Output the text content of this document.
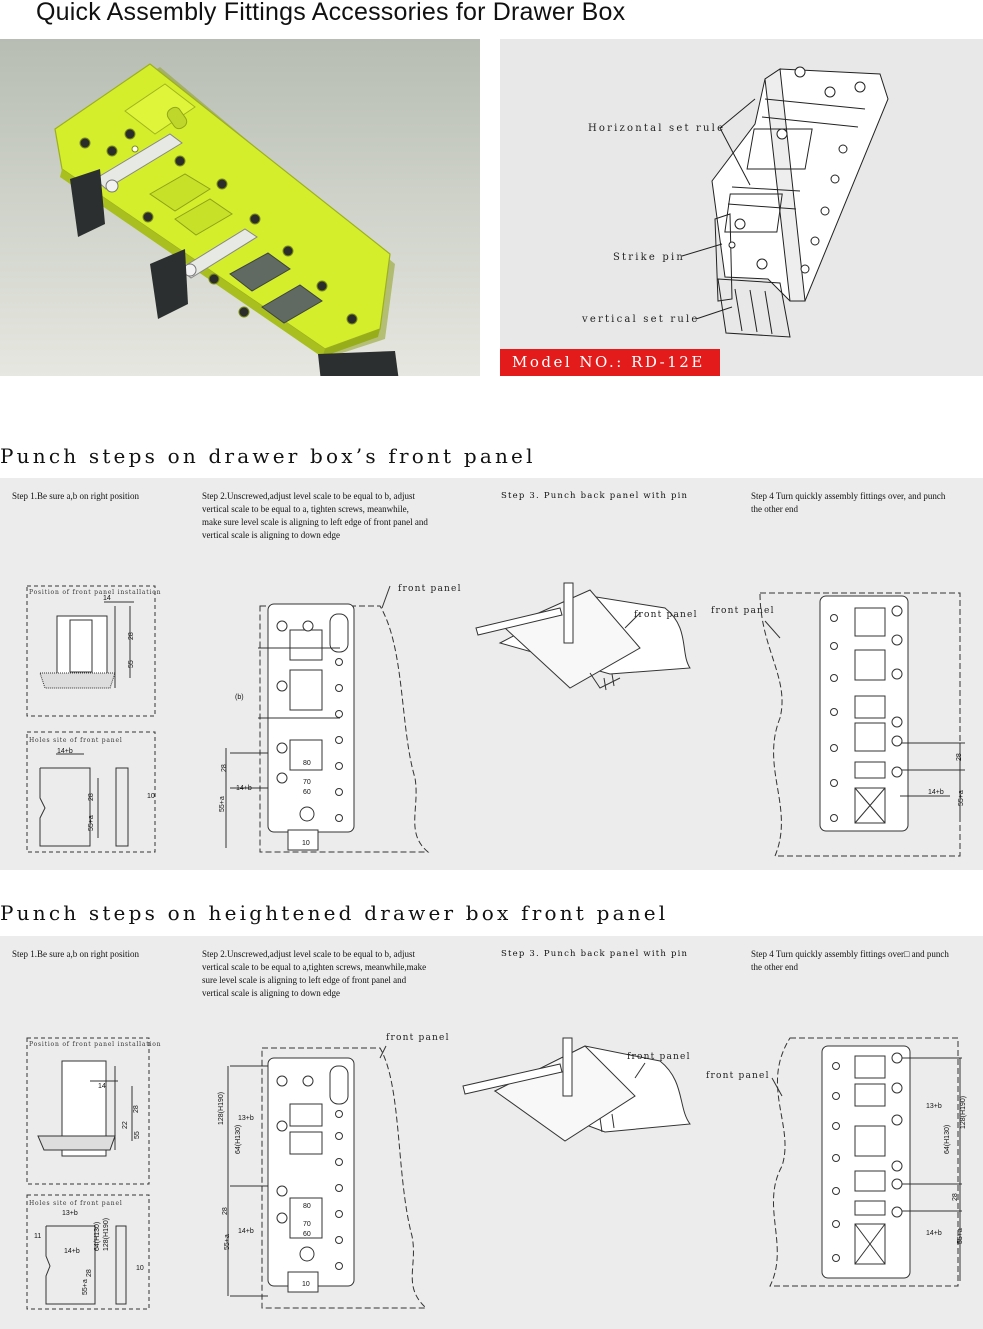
Quick Assembly Fittings Accessories for Drawer Box
Horizontal set rule
Strike pin
vertical set rule
Model NO.: RD-12E
Punch steps on drawer box’s front panel
Step 1.Be sure a,b on right position	Step 2.Unscrewed,adjust level scale to be equal to b, adjust vertical scale to be equal to a, tighten screws, meanwhile, make sure level scale is aligning to left edge of front panel and vertical scale is aligning to down edge
Step 3. Punch back panel with pin	Step 4 Turn quickly assembly fittings over, and punch the other end
Position of front panel installation
14
28
55
Holes site of front panel
14+b
28
55+a
10
front panel
(b)
80
70
60
28
55+a
14+b
10
front panel front panel
28
14+b 55+a
Punch steps on heightened drawer box front panel
Step 1.Be sure a,b on right position	Step 2.Unscrewed,adjust level scale to be equal to b, adjust vertical scale to be equal to a,tighten screws, meanwhile,make sure level scale is aligning to left edge of front panel and vertical scale is aligning to down edge
Step 3. Punch back panel with pin	Step 4 Turn quickly assembly fittings over□ and punch the other end
Position of front panel installation
14
28
22
55
Holes site of front panel
13+b
14+b
11	64(H130) 128(H190)
28
55+a
10
front panel
128(H190) 13+b
64(H130)
28
14+b
55+a
80
70
60
10
front panel
front panel
13+b	128(H190)
64(H130)
28
14+b 55+a
